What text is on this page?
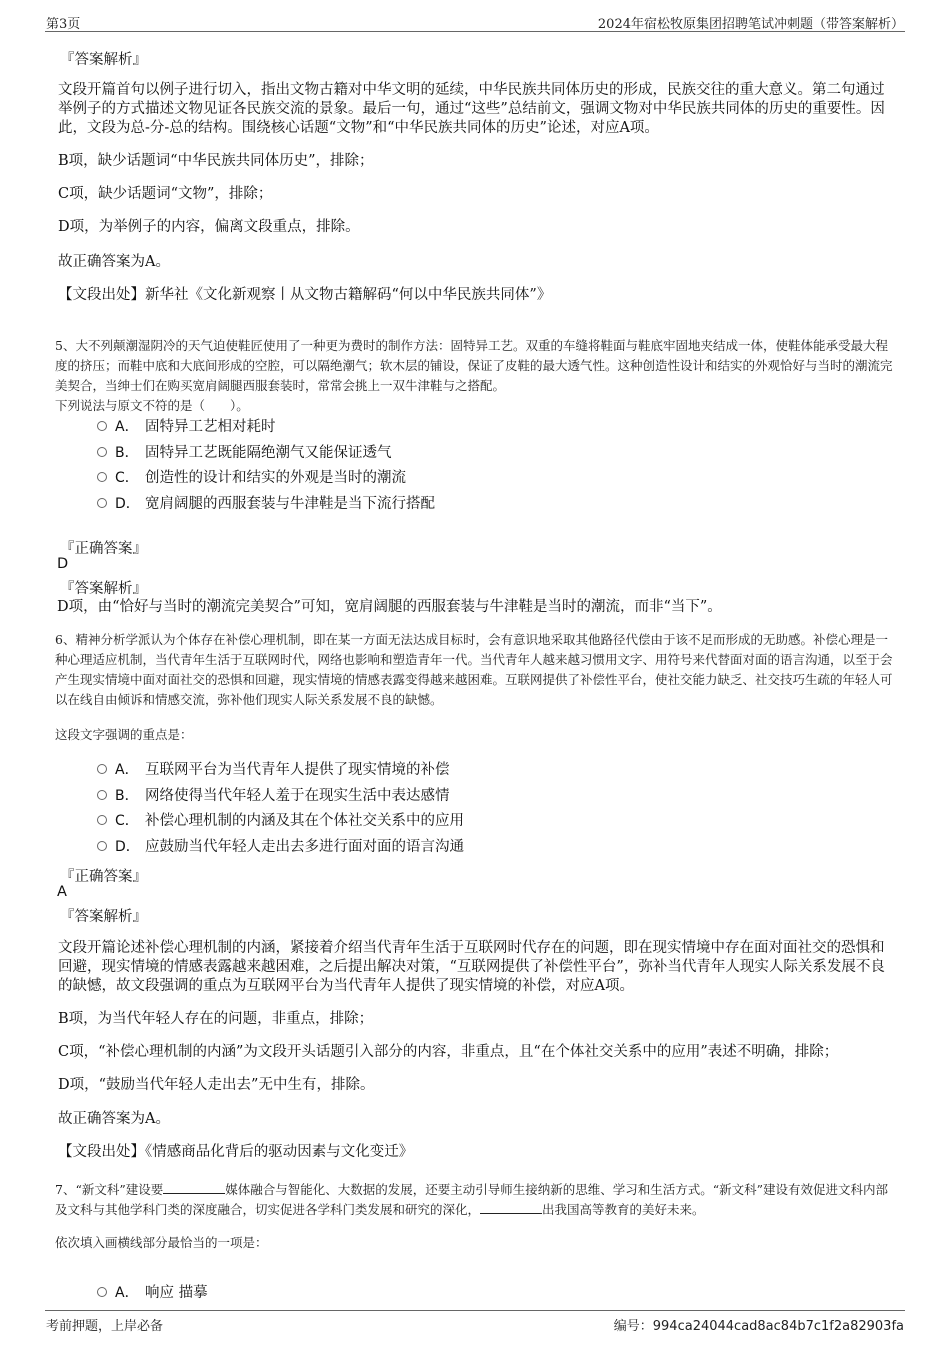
第3页	2024年宿松牧原集团招聘笔试冲刺题（带答案解析）
『答案解析』
文段开篇首句以例子进行切入，指出文物古籍对中华文明的延续，中华民族共同体历史的形成，民族交往的重大意义。第二句通过举例子的方式描述文物见证各民族交流的景象。最后一句，通过“这些”总结前文，强调文物对中华民族共同体的历史的重要性。因此，文段为总-分-总的结构。围绕核心话题“文物”和“中华民族共同体的历史”论述，对应A项。
B项，缺少话题词“中华民族共同体历史”，排除；
C项，缺少话题词“文物”，排除；
D项，为举例子的内容，偏离文段重点，排除。
故正确答案为A。
【文段出处】新华社《文化新观察丨从文物古籍解码“何以中华民族共同体”》
5、大不列颠潮湿阴冷的天气迫使鞋匠使用了一种更为费时的制作方法：固特异工艺。双重的车缝将鞋面与鞋底牢固地夹结成一体，使鞋体能承受最大程度的挤压；而鞋中底和大底间形成的空腔，可以隔绝潮气；软木层的铺设，保证了皮鞋的最大透气性。这种创造性设计和结实的外观恰好与当时的潮流完美契合，当绅士们在购买宽肩阔腿西服套装时，常常会挑上一双牛津鞋与之搭配。
下列说法与原文不符的是（　　）。
A． 固特异工艺相对耗时
B． 固特异工艺既能隔绝潮气又能保证透气
C． 创造性的设计和结实的外观是当时的潮流
D． 宽肩阔腿的西服套装与牛津鞋是当下流行搭配
『正确答案』
D
『答案解析』
D项，由“恰好与当时的潮流完美契合”可知，宽肩阔腿的西服套装与牛津鞋是当时的潮流，而非“当下”。
6、精神分析学派认为个体存在补偿心理机制，即在某一方面无法达成目标时，会有意识地采取其他路径代偿由于该不足而形成的无助感。补偿心理是一种心理适应机制，当代青年生活于互联网时代，网络也影响和塑造青年一代。当代青年人越来越习惯用文字、用符号来代替面对面的语言沟通，以至于会产生现实情境中面对面社交的恐惧和回避，现实情境的情感表露变得越来越困难。互联网提供了补偿性平台，使社交能力缺乏、社交技巧生疏的年轻人可以在线自由倾诉和情感交流，弥补他们现实人际关系发展不良的缺憾。
这段文字强调的重点是：
A． 互联网平台为当代青年人提供了现实情境的补偿
B． 网络使得当代年轻人羞于在现实生活中表达感情
C． 补偿心理机制的内涵及其在个体社交关系中的应用
D． 应鼓励当代年轻人走出去多进行面对面的语言沟通
『正确答案』
A
『答案解析』
文段开篇论述补偿心理机制的内涵，紧接着介绍当代青年生活于互联网时代存在的问题，即在现实情境中存在面对面社交的恐惧和回避，现实情境的情感表露越来越困难，之后提出解决对策，“互联网提供了补偿性平台”，弥补当代青年人现实人际关系发展不良的缺憾，故文段强调的重点为互联网平台为当代青年人提供了现实情境的补偿，对应A项。
B项，为当代年轻人存在的问题，非重点，排除；
C项，“补偿心理机制的内涵”为文段开头话题引入部分的内容，非重点，且“在个体社交关系中的应用”表述不明确，排除；
D项，“鼓励当代年轻人走出去”无中生有，排除。
故正确答案为A。
【文段出处】《情感商品化背后的驱动因素与文化变迁》
7、“新文科”建设要	媒体融合与智能化、大数据的发展，还要主动引导师生接纳新的思维、学习和生活方式。“新文科”建设有效促进文科内部及文科与其他学科门类的深度融合，切实促进各学科门类发展和研究的深化，	出我国高等教育的美好未来。
依次填入画横线部分最恰当的一项是：
A． 响应 描摹
考前押题，上岸必备	编号：994ca24044cad8ac84b7c1f2a82903fa
